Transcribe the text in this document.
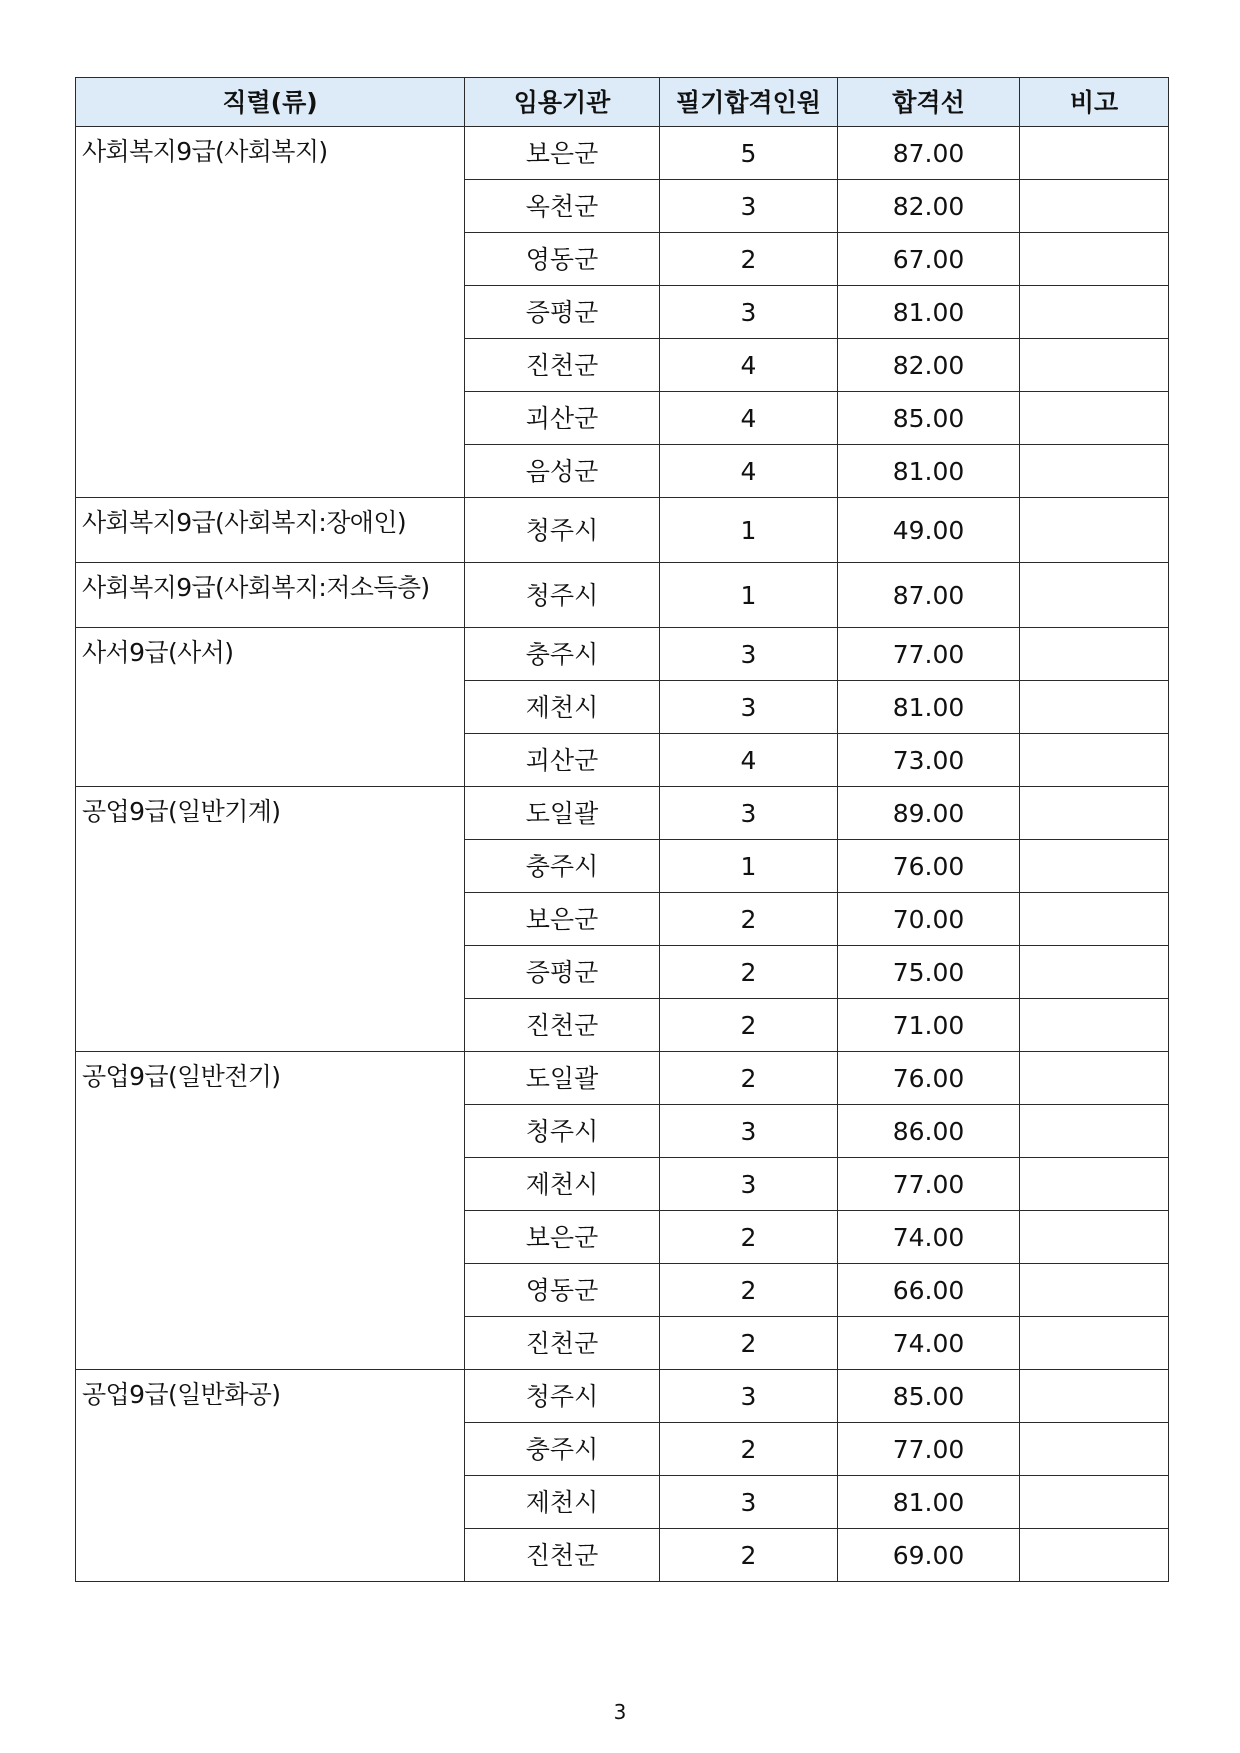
직렬(류)	임용기관	필기합격인원	합격선	비고
사회복지9급(사회복지)	보은군	5	87.00	
	옥천군	3	82.00	
	영동군	2	67.00	
	증평군	3	81.00	
	진천군	4	82.00	
	괴산군	4	85.00	
	음성군	4	81.00	
사회복지9급(사회복지:장애인)	청주시	1	49.00	
사회복지9급(사회복지:저소득층)	청주시	1	87.00	
사서9급(사서)	충주시	3	77.00	
	제천시	3	81.00	
	괴산군	4	73.00	
공업9급(일반기계)	도일괄	3	89.00	
	충주시	1	76.00	
	보은군	2	70.00	
	증평군	2	75.00	
	진천군	2	71.00	
공업9급(일반전기)	도일괄	2	76.00	
	청주시	3	86.00	
	제천시	3	77.00	
	보은군	2	74.00	
	영동군	2	66.00	
	진천군	2	74.00	
공업9급(일반화공)	청주시	3	85.00	
	충주시	2	77.00	
	제천시	3	81.00	
	진천군	2	69.00	
3
